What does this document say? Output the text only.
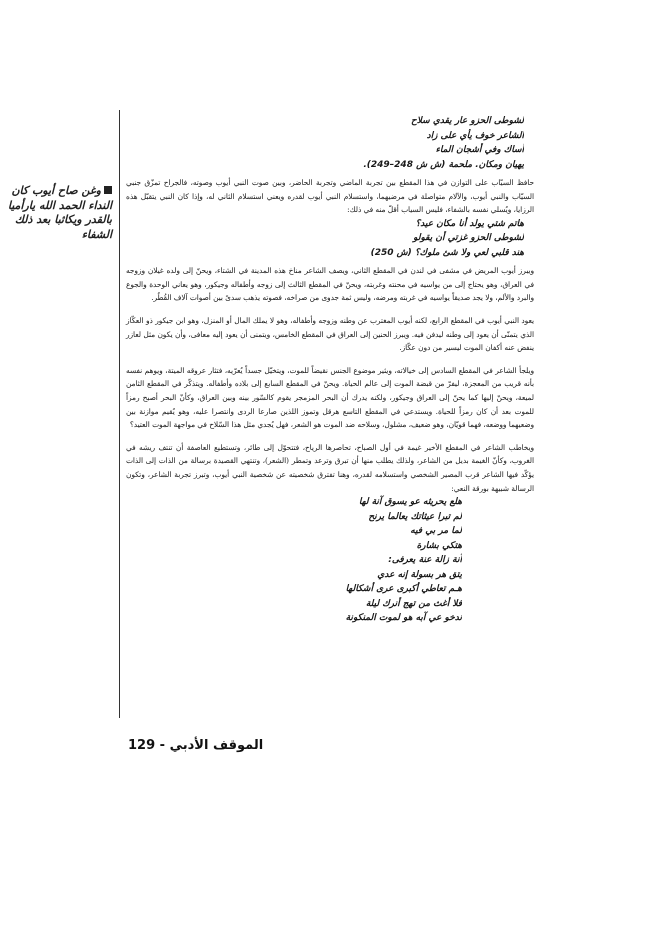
وغن صاح أيوب كان النداء الحمد الله يارأميا بالقدر ويكاثبا بعد ذلك الشفاء
لشوطى الحزو عار يقدي سلاح
الشاعر خوف يأي على زاد
أساك وفي أشجان الماء
يهيان ومكان. ملحمة (ش ش 248–249).

حافظ السيّاب على التوازن في هذا المقطع بين تجربة الماضي وتجربة الحاضر، وبين صوت النبي أيوب وصوته، فالجراح تمزّق جنبي السيّاب والنبي أيوب، والآلام متواصلة في مرضيهما، واستسلام النبي أيوب لقدره ويعني استسلام الثاني له، وإذا كان النبي يتقبّل هذه الرزايا، ويُسلي نفسه بالشفاء، فليس السياب أقلّ منه في ذلك:

هاتم شتي يولد أنا مكان عيد؟
لشوطى الحزو غزتي أن يقولو
هند قلبي لعي ولا شئ ملوك؟ (ش 250)

ويبرز أيوب المريض في مشفى في لندن في المقطع الثاني، ويصف الشاعر مناخ هذه المدينة في الشتاء، ويحنّ إلى ولده غيلان وزوجه في العراق، وهو يحتاج إلى من يواسيه في محنته وغربته، ويحنّ في المقطع الثالث إلى زوجه وأطفاله وجيكور، وهو يعاني الوحدة والجوع والبرد والألم، ولا يجد صديقاً يواسيه في غربته ومرضه، وليس ثمة جدوى من صراخه، فصوته يذهب سدىً بين أصوات آلاف القُطُر.

يعود النبي أيوب في المقطع الرابع، لكنه أيوب المغترب عن وطنه وزوجه وأطفاله، وهو لا يملك المال أو المنزل، وهو ابن جيكور ذو العكّاز الذي يتمنّى أن يعود إلى وطنه ليدفن فيه. ويبرز الحنين إلى العراق في المقطع الخامس، ويتمنى أن يعود إليه معافى، وأن يكون مثل لعازر ينفض عنه أكفان الموت ليسير من دون عكّاز.

ويلجأ الشاعر في المقطع السادس إلى خيالاته، ويثير موضوع الجنس نقيضاً للموت، ويتخيّل جسداً يُعرّيه، فتثار عروقه الميتة، ويوهم نفسه بأنه قريب من المعجزة، ليفرّ من قبضة الموت إلى عالم الحياة. ويحنّ في المقطع السابع إلى بلاده وأطفاله. ويتذكّر في المقطع الثامن لميعة، ويحنّ إليها كما يحنّ إلى العراق وجيكور، ولكنه يدرك أن البحر المزمجر يقوم كالسّور بينه وبين العراق، وكأنّ البحر أصبح رمزاً للموت بعد أن كان رمزاً للحياة. ويستدعي في المقطع التاسع هرقل وتموز اللذين صارعا الردى وانتصرا عليه، وهو يُقيم موازنة بين وضعيهما ووضعه، فهما قويّان، وهو ضعيف، مشلول، وسلاحه ضد الموت هو الشعر، فهل يُجدي مثل هذا السّلاح في مواجهة الموت العتيد؟

ويخاطب الشاعر في المقطع الأخير غيمة في أول الصباح، تحاصرها الرياح، فتتحوّل إلى طائر، وتستطيع العاصفة أن تنتف ريشه في الغروب، وكأنّ الغيمة بديل من الشاعر، ولذلك يطلب منها أن تبرق وترعد وتمطر (الشعر)، وتنتهي القصيدة برسالة من الذات إلى الذات يؤكّد فيها الشاعر قرب المصير الشخصي واستسلامه لقدره، وهنا تفترق شخصيته عن شخصية النبي أيوب، وتبرز تجربة الشاعر، وتكون الرسالة شبيهة بورقة النعي:

هلع يحريثه عو يسوق آنة لها
لم تبرا عيثاتك يعالما يرنح
لما مر بي فيه
هتكي بشارة
آنة زالة عنة يعرفى:
يتق هر بسولة إنه عدي
هـم تعاطي أكبرى عرى أشكالها
فلا أغث من تهج أنرك ليلة
ندخو عي آبه هو لموت المنكونة
الموقف الأدبي - 129
